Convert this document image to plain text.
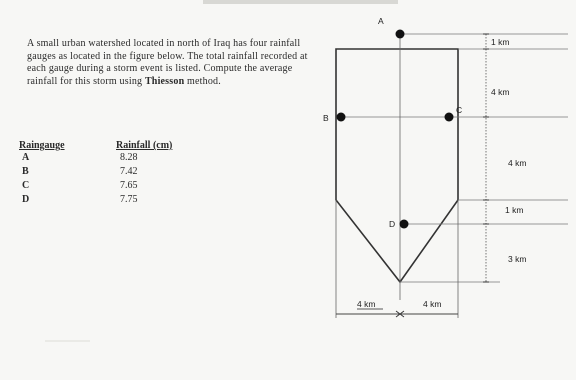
A small urban watershed located in north of Iraq has four rainfall gauges as located in the figure below. The total rainfall recorded at each gauge during a storm event is listed. Compute the average rainfall for this storm using Thiesson method.
Raingauge	Rainfall (cm)
A	8.28
B	7.42
C	7.65
D	7.75
A
B
C
D
1 km
4 km
4 km
1 km
3 km
4 km	4 km
